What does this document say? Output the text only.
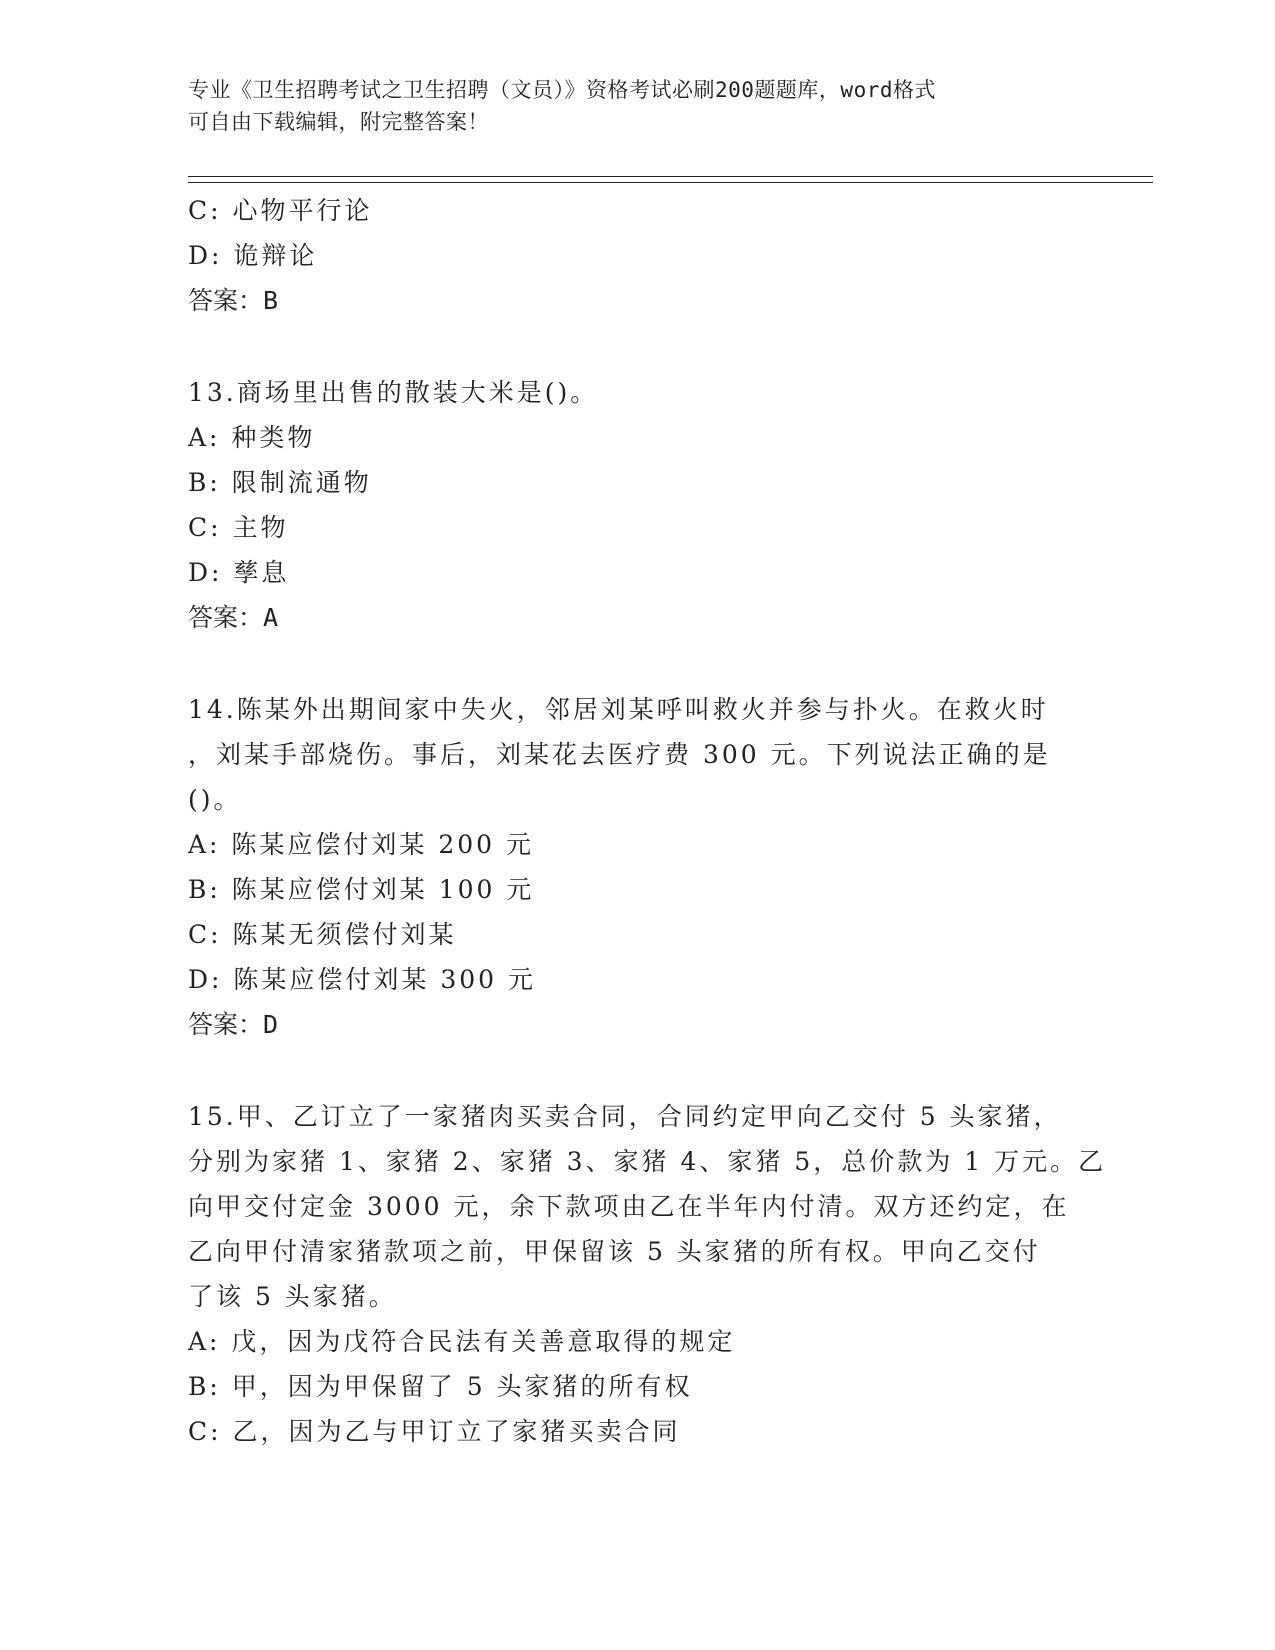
专业《卫生招聘考试之卫生招聘（文员）》资格考试必刷200题题库，word格式
可自由下载编辑，附完整答案！
C: 心物平行论
D: 诡辩论
答案：B
13.商场里出售的散装大米是()。
A: 种类物
B: 限制流通物
C: 主物
D: 孳息
答案：A
14.陈某外出期间家中失火，邻居刘某呼叫救火并参与扑火。在救火时
，刘某手部烧伤。事后，刘某花去医疗费 300 元。下列说法正确的是
()。
A: 陈某应偿付刘某 200 元
B: 陈某应偿付刘某 100 元
C: 陈某无须偿付刘某
D: 陈某应偿付刘某 300 元
答案：D
15.甲、乙订立了一家猪肉买卖合同，合同约定甲向乙交付 5 头家猪，
分别为家猪 1、家猪 2、家猪 3、家猪 4、家猪 5，总价款为 1 万元。乙
向甲交付定金 3000 元，余下款项由乙在半年内付清。双方还约定，在
乙向甲付清家猪款项之前，甲保留该 5 头家猪的所有权。甲向乙交付
了该 5 头家猪。
A: 戊，因为戊符合民法有关善意取得的规定
B: 甲，因为甲保留了 5 头家猪的所有权
C: 乙，因为乙与甲订立了家猪买卖合同
